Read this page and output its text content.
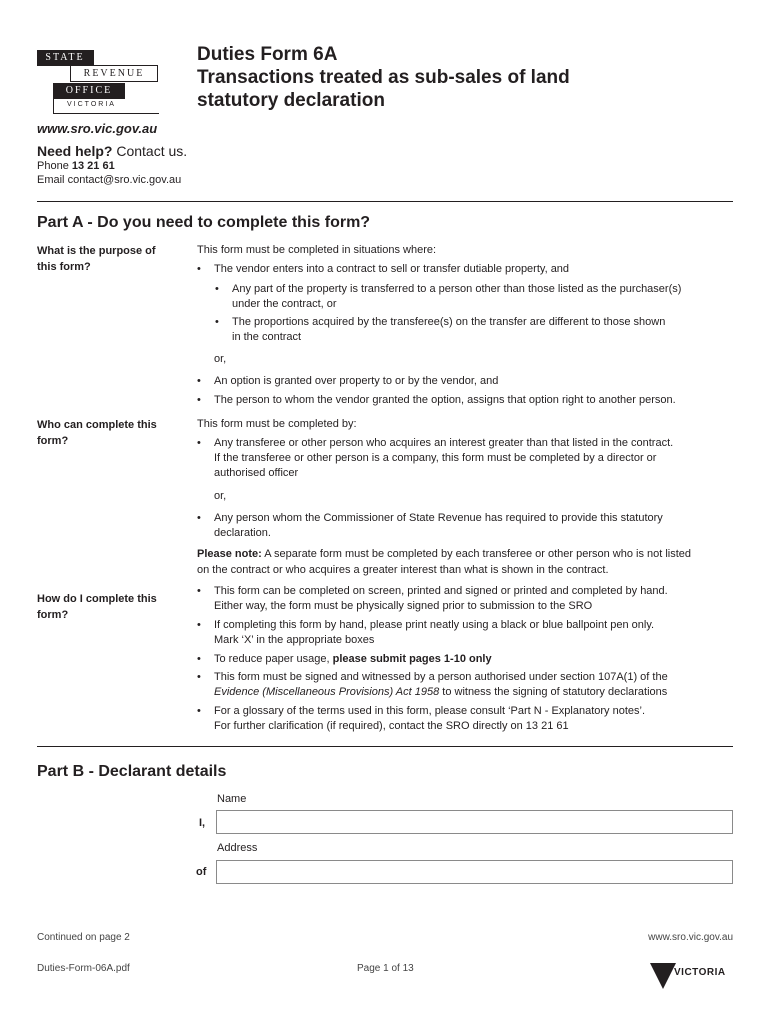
STATE
REVENUE
OFFICE
VICTORIA
www.sro.vic.gov.au
Need help? Contact us.
Phone 13 21 61
Email contact@sro.vic.gov.au
Duties Form 6A
Transactions treated as sub-sales of land
statutory declaration
Part A - Do you need to complete this form?
What is the purpose of this form?
This form must be completed in situations where:
• The vendor enters into a contract to sell or transfer dutiable property, and
• Any part of the property is transferred to a person other than those listed as the purchaser(s)
under the contract, or
• The proportions acquired by the transferee(s) on the transfer are different to those shown
in the contract
or,
• An option is granted over property to or by the vendor, and
• The person to whom the vendor granted the option, assigns that option right to another person.
Who can complete this form?
This form must be completed by:
• Any transferee or other person who acquires an interest greater than that listed in the contract.
If the transferee or other person is a company, this form must be completed by a director or
authorised officer
or,
• Any person whom the Commissioner of State Revenue has required to provide this statutory
declaration.
Please note: A separate form must be completed by each transferee or other person who is not listed
on the contract or who acquires a greater interest than what is shown in the contract.
How do I complete this form?
• This form can be completed on screen, printed and signed or printed and completed by hand.
Either way, the form must be physically signed prior to submission to the SRO
• If completing this form by hand, please print neatly using a black or blue ballpoint pen only.
Mark ‘X’ in the appropriate boxes
• To reduce paper usage, please submit pages 1-10 only
• This form must be signed and witnessed by a person authorised under section 107A(1) of the
Evidence (Miscellaneous Provisions) Act 1958 to witness the signing of statutory declarations
• For a glossary of the terms used in this form, please consult ‘Part N - Explanatory notes’.
For further clarification (if required), contact the SRO directly on 13 21 61
Part B - Declarant details
Name
I,
Address
of
Continued on page 2	www.sro.vic.gov.au
Duties-Form-06A.pdf	Page 1 of 13	VICTORIA
